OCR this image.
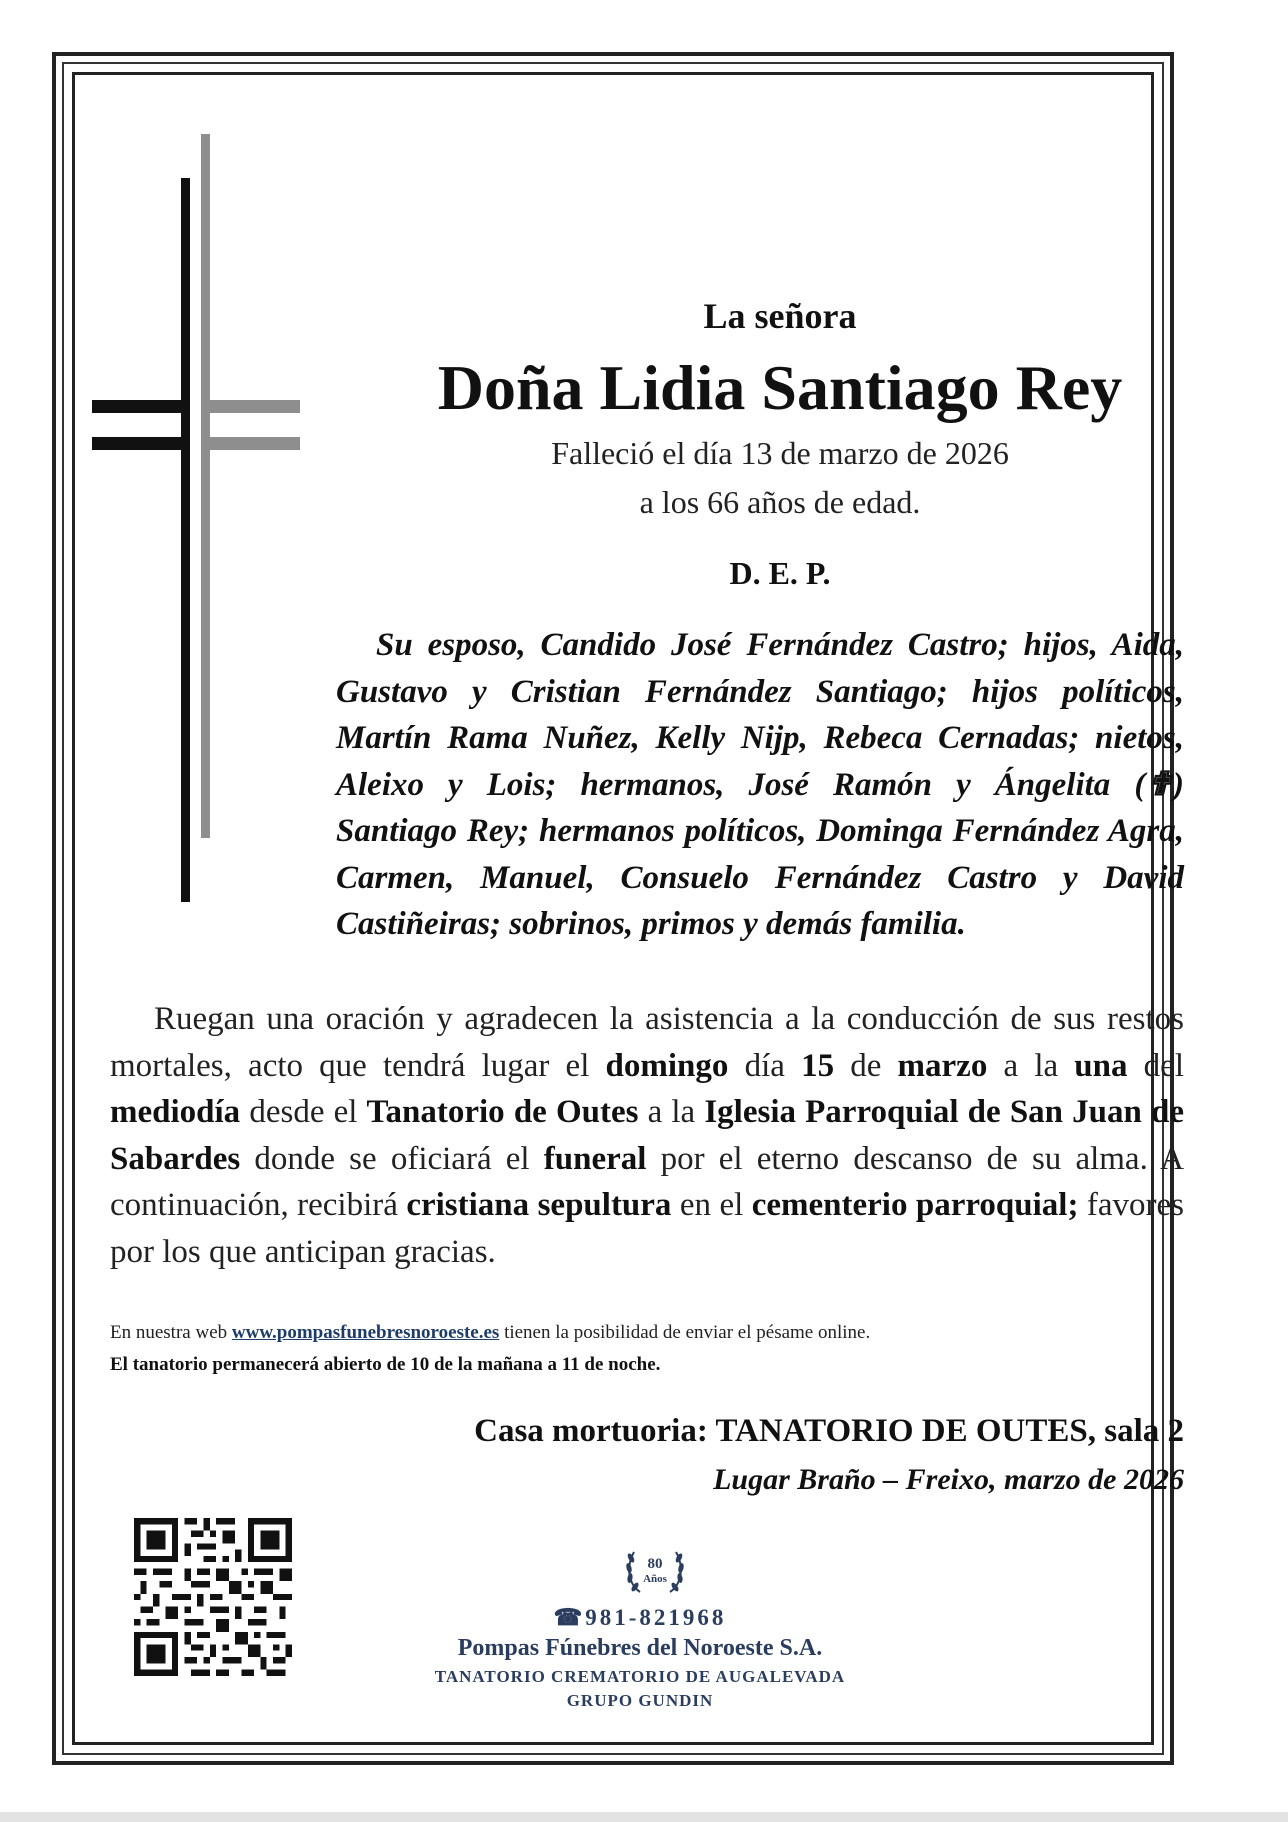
La señora
Doña Lidia Santiago Rey
Falleció el día 13 de marzo de 2026
a los 66 años de edad.
D. E. P.
Su esposo, Candido José Fernández Castro; hijos, Aida, Gustavo y Cristian Fernández Santiago; hijos políticos, Martín Rama Nuñez, Kelly Nijp, Rebeca Cernadas; nietos, Aleixo y Lois; hermanos, José Ramón y Ángelita (✟) Santiago Rey; hermanos políticos, Dominga Fernández Agra, Carmen, Manuel, Consuelo Fernández Castro y David Castiñeiras; sobrinos, primos y demás familia.
Ruegan una oración y agradecen la asistencia a la conducción de sus restos mortales, acto que tendrá lugar el domingo día 15 de marzo a la una del mediodía desde el Tanatorio de Outes a la Iglesia Parroquial de San Juan de Sabardes donde se oficiará el funeral por el eterno descanso de su alma. A continuación, recibirá cristiana sepultura en el cementerio parroquial; favores por los que anticipan gracias.
En nuestra web www.pompasfunebresnoroeste.es tienen la posibilidad de enviar el pésame online.
El tanatorio permanecerá abierto de 10 de la mañana a 11 de noche.
Casa mortuoria: TANATORIO DE OUTES, sala 2
Lugar Braño – Freixo, marzo de 2026
80
Años
☎981-821968
Pompas Fúnebres del Noroeste S.A.
TANATORIO CREMATORIO DE AUGALEVADA
GRUPO GUNDIN
